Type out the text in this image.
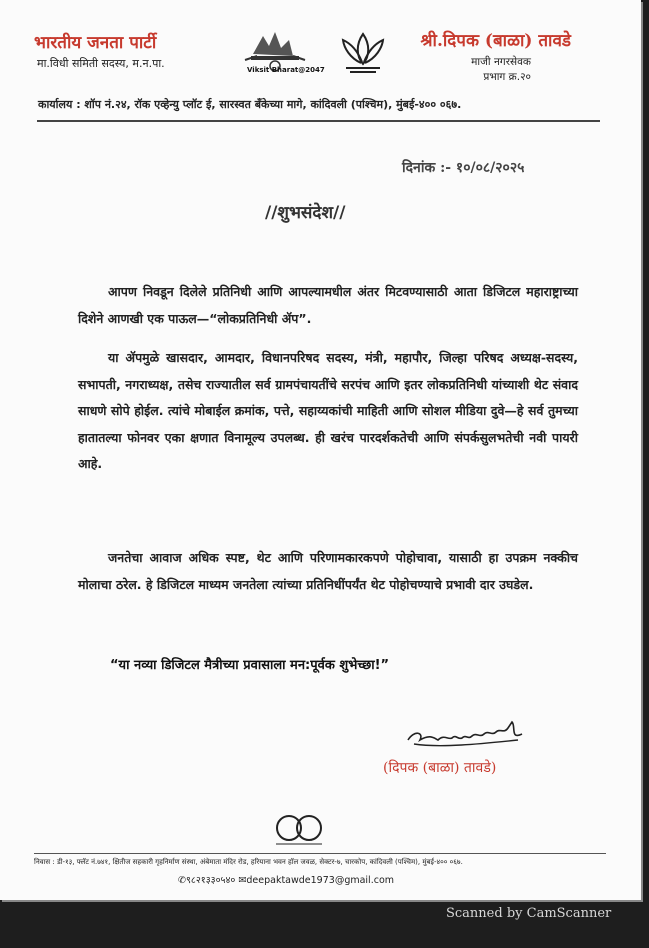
भारतीय जनता पार्टी
मा.विधी समिती सदस्य, म.न.पा.	Viksit Bharat@2047
श्री.दिपक (बाळा) तावडे
माजी नगरसेवक
प्रभाग क्र.२०
कार्यालय : शॉप नं.२४, रॉक एव्हेन्यु प्लॉट ई, सारस्वत बँकेच्या मागे, कांदिवली (पश्चिम), मुंबई-४०० ०६७.
दिनांक :- १०/०८/२०२५
//शुभसंदेश//
आपण निवडून दिलेले प्रतिनिधी आणि आपल्यामधील अंतर मिटवण्यासाठी आता डिजिटल महाराष्ट्राच्या दिशेने आणखी एक पाऊल—“लोकप्रतिनिधी ॲप”.
या ॲपमुळे खासदार, आमदार, विधानपरिषद सदस्य, मंत्री, महापौर, जिल्हा परिषद अध्यक्ष-सदस्य, सभापती, नगराध्यक्ष, तसेच राज्यातील सर्व ग्रामपंचायतींचे सरपंच आणि इतर लोकप्रतिनिधी यांच्याशी थेट संवाद साधणे सोपे होईल. त्यांचे मोबाईल क्रमांक, पत्ते, सहाय्यकांची माहिती आणि सोशल मीडिया दुवे—हे सर्व तुमच्या हातातल्या फोनवर एका क्षणात विनामूल्य उपलब्ध. ही खरंच पारदर्शकतेची आणि संपर्कसुलभतेची नवी पायरी आहे.
जनतेचा आवाज अधिक स्पष्ट, थेट आणि परिणामकारकपणे पोहोचावा, यासाठी हा उपक्रम नक्कीच मोलाचा ठरेल. हे डिजिटल माध्यम जनतेला त्यांच्या प्रतिनिधींपर्यंत थेट पोहोचण्याचे प्रभावी दार उघडेल.
“या नव्या डिजिटल मैत्रीच्या प्रवासाला मन:पूर्वक शुभेच्छा!”
(दिपक (बाळा) तावडे)
निवास : डी-१३, फ्लॅट नं.७४१, क्षितीज सहकारी गृहनिर्माण संस्था, अंबेमाता मंदिर रोड, हरियाना भवन हॉल जवळ, सेक्टर-७, चारकोप, कांदिवली (पश्चिम), मुंबई-४०० ०६७.
✆९८२१३३०५४० ✉deepaktawde1973@gmail.com
Scanned by CamScanner
